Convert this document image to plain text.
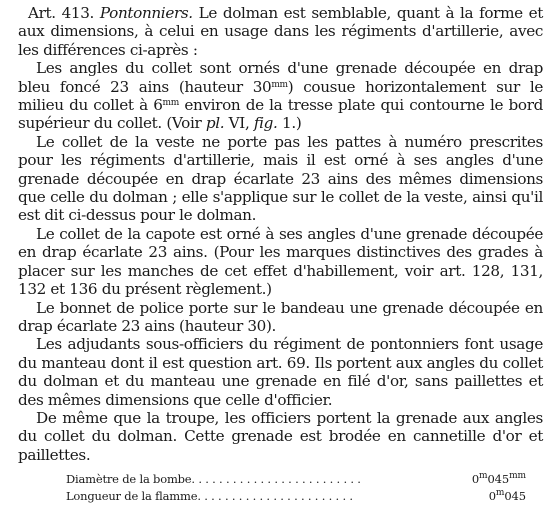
Art. 413. Pontonniers. Le dolman est semblable, quant à la forme et aux dimensions, à celui en usage dans les régiments d'artillerie, avec les différences ci-après :

Les angles du collet sont ornés d'une grenade découpée en drap bleu foncé 23 ains (hauteur $30^{mm}$) cousue horizontalement sur le milieu du collet à $6^{mm}$ environ de la tresse plate qui contourne le bord supérieur du collet. (Voir pl. VI, fig. 1.)

Le collet de la veste ne porte pas les pattes à numéro prescrites pour les régiments d'artillerie, mais il est orné à ses angles d'une grenade découpée en drap écarlate 23 ains des mêmes dimensions que celle du dolman ; elle s'applique sur le collet de la veste, ainsi qu'il est dit ci-dessus pour le dolman.

Le collet de la capote est orné à ses angles d'une grenade découpée en drap écarlate 23 ains. (Pour les marques distinctives des grades à placer sur les manches de cet effet d'habillement, voir art. 128, 131, 132 et 136 du présent règlement.)

Le bonnet de police porte sur le bandeau une grenade découpée en drap écarlate 23 ains (hauteur 30).

Les adjudants sous-officiers du régiment de pontonniers font usage du manteau dont il est question art. 69. Ils portent aux angles du collet du dolman et du manteau une grenade en filé d'or, sans paillettes et des mêmes dimensions que celle d'officier.

De même que la troupe, les officiers portent la grenade aux angles du collet du dolman. Cette grenade est brodée en cannetille d'or et paillettes.

Diamètre de la bombe. . . . . . . . . . . . . . . . . . . . . . . . .	$0^m045^{mm}$
Longueur de la flamme. . . . . . . . . . . . . . . . . . . . . . .	0$^m$045
